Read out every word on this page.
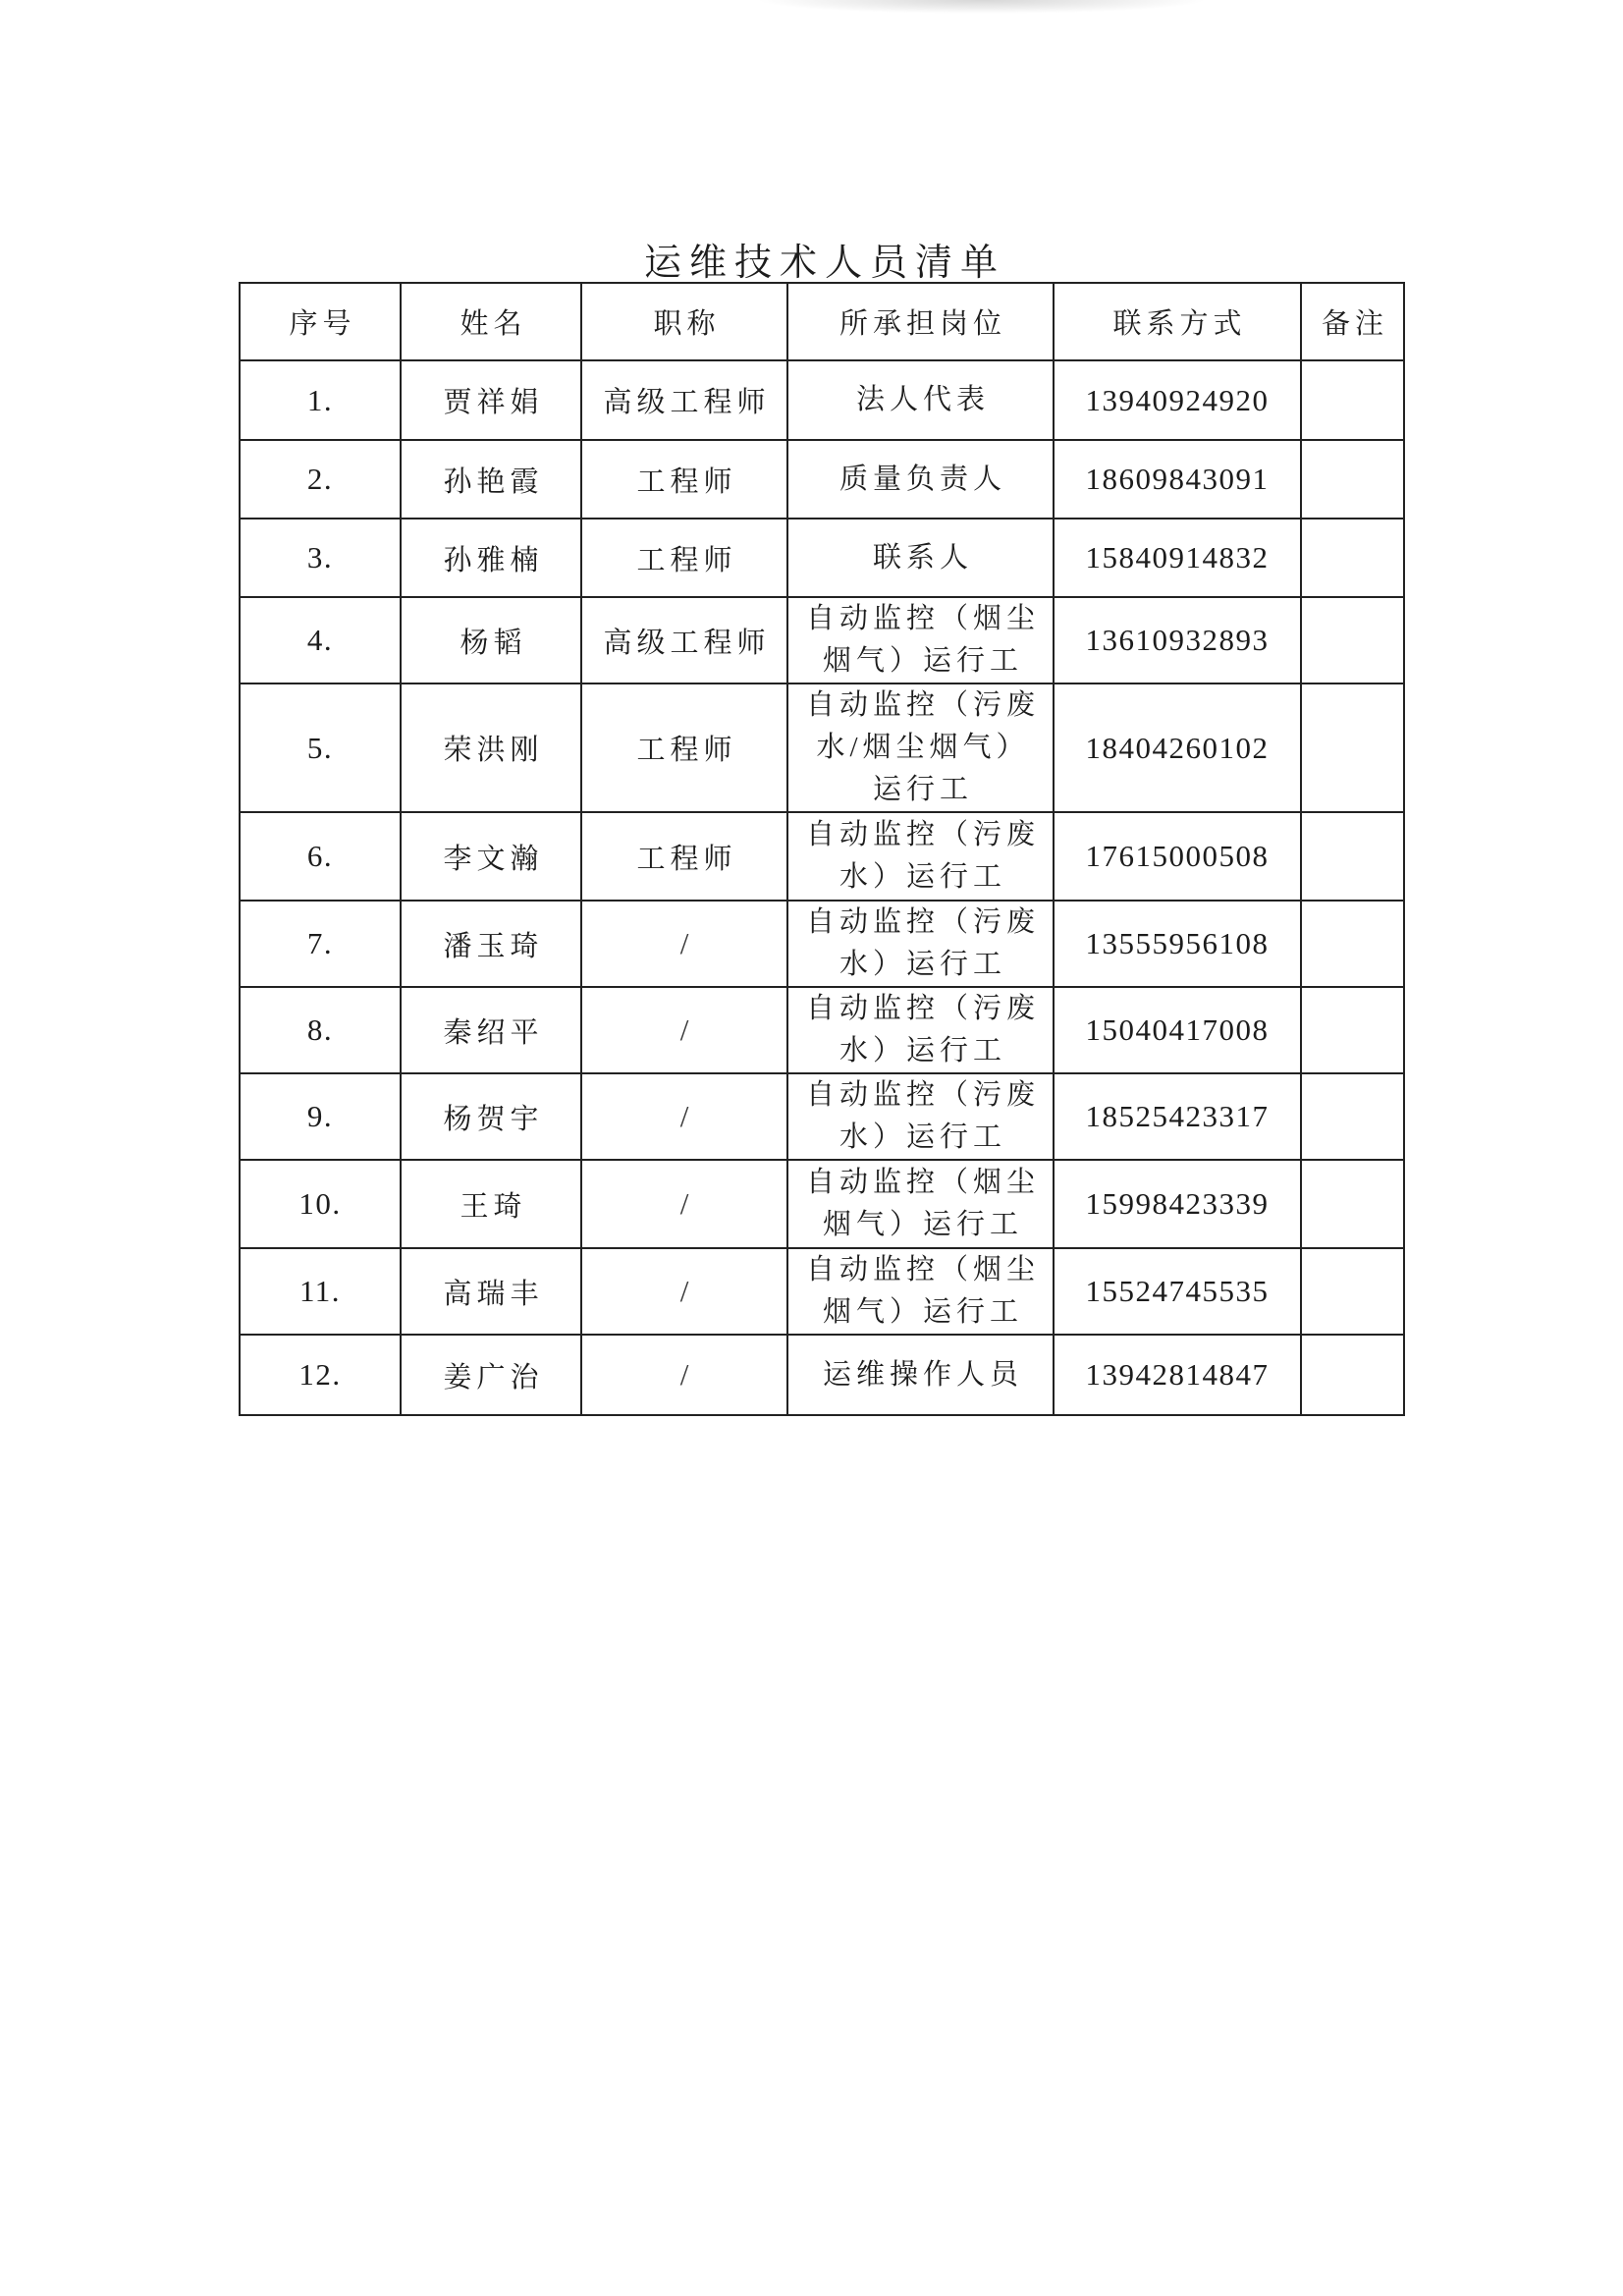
运维技术人员清单
序号	姓名	职称	所承担岗位	联系方式	备注
1.	贾祥娟	高级工程师	法人代表	13940924920	
2.	孙艳霞	工程师	质量负责人	18609843091	
3.	孙雅楠	工程师	联系人	15840914832	
4.	杨韬	高级工程师	自动监控（烟尘
烟气）运行工	13610932893	
5.	荣洪刚	工程师	自动监控（污废
水/烟尘烟气）
运行工	18404260102	
6.	李文瀚	工程师	自动监控（污废
水）运行工	17615000508	
7.	潘玉琦	/	自动监控（污废
水）运行工	13555956108	
8.	秦绍平	/	自动监控（污废
水）运行工	15040417008	
9.	杨贺宇	/	自动监控（污废
水）运行工	18525423317	
10.	王琦	/	自动监控（烟尘
烟气）运行工	15998423339	
11.	高瑞丰	/	自动监控（烟尘
烟气）运行工	15524745535	
12.	姜广治	/	运维操作人员	13942814847	
